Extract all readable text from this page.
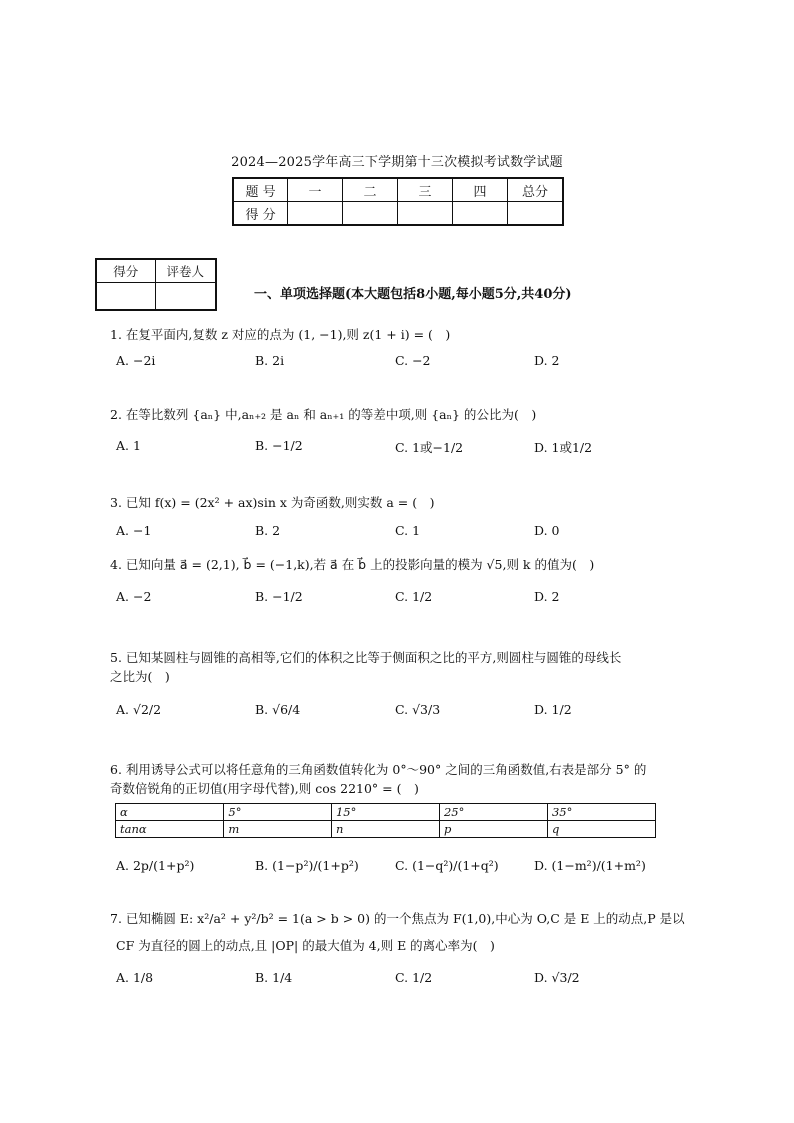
2024—2025学年高三下学期第十三次模拟考试数学试题
题 号	一	二	三	四	总分
得 分					
得分	评卷人

一、单项选择题(本大题包括8小题,每小题5分,共40分)
1. 在复平面内,复数 z 对应的点为 (1, −1),则 z(1 + i) = (　)
A. −2i	B. 2i	C. −2	D. 2
2. 在等比数列 {aₙ} 中,aₙ₊₂ 是 aₙ 和 aₙ₊₁ 的等差中项,则 {aₙ} 的公比为(　)
A. 1	B. −1/2	C. 1或−1/2	D. 1或1/2
3. 已知 f(x) = (2x² + ax)sin x 为奇函数,则实数 a = (　)
A. −1	B. 2	C. 1	D. 0
4. 已知向量 a⃗ = (2,1), b⃗ = (−1,k),若 a⃗ 在 b⃗ 上的投影向量的模为 √5,则 k 的值为(　)
A. −2	B. −1/2	C. 1/2	D. 2
5. 已知某圆柱与圆锥的高相等,它们的体积之比等于侧面积之比的平方,则圆柱与圆锥的母线长
之比为(　)
A. √2/2	B. √6/4	C. √3/3	D. 1/2
6. 利用诱导公式可以将任意角的三角函数值转化为 0°～90° 之间的三角函数值,右表是部分 5° 的
奇数倍锐角的正切值(用字母代替),则 cos 2210° = (　)
α	5°	15°	25°	35°
tanα	m	n	p	q
A. 2p/(1+p²)	B. (1−p²)/(1+p²)	C. (1−q²)/(1+q²)	D. (1−m²)/(1+m²)
7. 已知椭圆 E: x²/a² + y²/b² = 1(a > b > 0) 的一个焦点为 F(1,0),中心为 O,C 是 E 上的动点,P 是以
CF 为直径的圆上的动点,且 |OP| 的最大值为 4,则 E 的离心率为(　)
A. 1/8	B. 1/4	C. 1/2	D. √3/2
